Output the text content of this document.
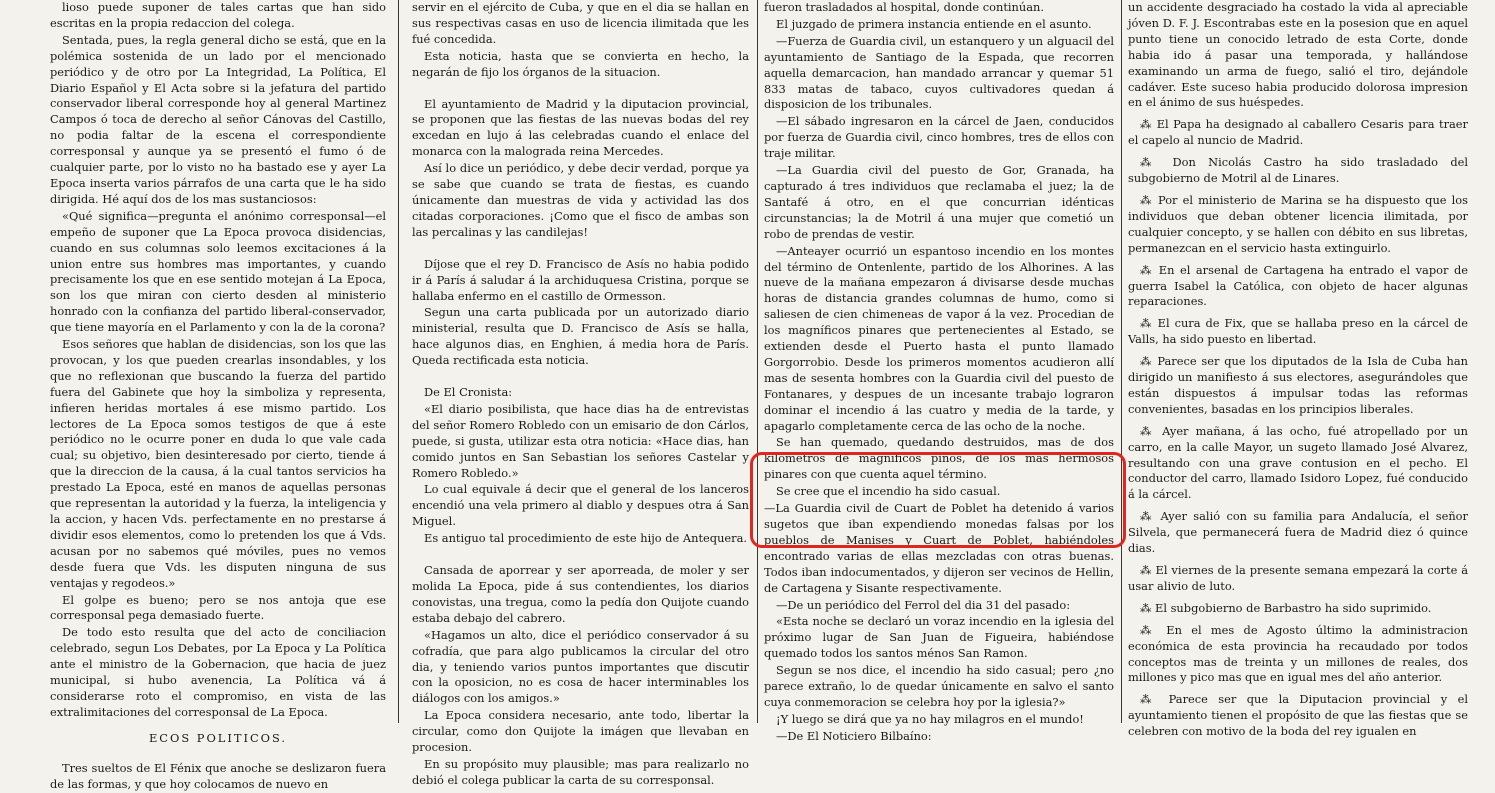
lioso puede suponer de tales cartas que han sido escritas en la propia redaccion del colega.

Sentada, pues, la regla general dicho se está, que en la polémica sostenida de un lado por el mencionado periódico y de otro por La Integridad, La Política, El Diario Español y El Acta sobre si la jefatura del partido conservador liberal corresponde hoy al general Martinez Campos ó toca de derecho al señor Cánovas del Castillo, no podia faltar de la escena el correspondiente corresponsal y aunque ya se presentó el fumo ó de cualquier parte, por lo visto no ha bastado ese y ayer La Epoca inserta varios párrafos de una carta que le ha sido dirigida. Hé aquí dos de los mas sustanciosos:

«Qué significa—pregunta el anónimo corresponsal—el empeño de suponer que La Epoca provoca disidencias, cuando en sus columnas solo leemos excitaciones á la union entre sus hombres mas importantes, y cuando precisamente los que en ese sentido motejan á La Epoca, son los que miran con cierto desden al ministerio honrado con la confianza del partido liberal-conservador, que tiene mayoría en el Parlamento y con la de la corona?

Esos señores que hablan de disidencias, son los que las provocan, y los que pueden crearlas insondables, y los que no reflexionan que buscando la fuerza del partido fuera del Gabinete que hoy la simboliza y representa, infieren heridas mortales á ese mismo partido. Los lectores de La Epoca somos testigos de que á este periódico no le ocurre poner en duda lo que vale cada cual; su objetivo, bien desinteresado por cierto, tiende á que la direccion de la causa, á la cual tantos servicios ha prestado La Epoca, esté en manos de aquellas personas que representan la autoridad y la fuerza, la inteligencia y la accion, y hacen Vds. perfectamente en no prestarse á dividir esos elementos, como lo pretenden los que á Vds. acusan por no sabemos qué móviles, pues no vemos desde fuera que Vds. les disputen ninguna de sus ventajas y regodeos.»

El golpe es bueno; pero se nos antoja que ese corresponsal pega demasiado fuerte.

De todo esto resulta que del acto de conciliacion celebrado, segun Los Debates, por La Epoca y La Política ante el ministro de la Gobernacion, que hacia de juez municipal, si hubo avenencia, La Política vá á considerarse roto el compromiso, en vista de las extralimitaciones del corresponsal de La Epoca.

ECOS POLITICOS.

Tres sueltos de El Fénix que anoche se deslizaron fuera de las formas, y que hoy colocamos de nuevo en

servir en el ejército de Cuba, y que en el dia se hallan en sus respectivas casas en uso de licencia ilimitada que les fué concedida.

Esta noticia, hasta que se convierta en hecho, la negarán de fijo los órganos de la situacion.

El ayuntamiento de Madrid y la diputacion provincial, se proponen que las fiestas de las nuevas bodas del rey excedan en lujo á las celebradas cuando el enlace del monarca con la malograda reina Mercedes.

Así lo dice un periódico, y debe decir verdad, porque ya se sabe que cuando se trata de fiestas, es cuando únicamente dan muestras de vida y actividad las dos citadas corporaciones. ¡Como que el fisco de ambas son las percalinas y las candilejas!

Díjose que el rey D. Francisco de Asís no habia podido ir á París á saludar á la archiduquesa Cristina, porque se hallaba enfermo en el castillo de Ormesson.

Segun una carta publicada por un autorizado diario ministerial, resulta que D. Francisco de Asís se halla, hace algunos dias, en Enghien, á media hora de París. Queda rectificada esta noticia.

De El Cronista:

«El diario posibilista, que hace dias ha de entrevistas del señor Romero Robledo con un emisario de don Cárlos, puede, si gusta, utilizar esta otra noticia: «Hace dias, han comido juntos en San Sebastian los señores Castelar y Romero Robledo.»

Lo cual equivale á decir que el general de los lanceros encendió una vela primero al diablo y despues otra á San Miguel.

Es antiguo tal procedimiento de este hijo de Antequera.

Cansada de aporrear y ser aporreada, de moler y ser molida La Epoca, pide á sus contendientes, los diarios conovistas, una tregua, como la pedía don Quijote cuando estaba debajo del cabrero.

«Hagamos un alto, dice el periódico conservador á su cofradía, que para algo publicamos la circular del otro dia, y teniendo varios puntos importantes que discutir con la oposicion, no es cosa de hacer interminables los diálogos con los amigos.»

La Epoca considera necesario, ante todo, libertar la circular, como don Quijote la imágen que llevaban en procesion.

En su propósito muy plausible; mas para realizarlo no debió el colega publicar la carta de su corresponsal.

fueron trasladados al hospital, donde continúan.

El juzgado de primera instancia entiende en el asunto.

—Fuerza de Guardia civil, un estanquero y un alguacil del ayuntamiento de Santiago de la Espada, que recorren aquella demarcacion, han mandado arrancar y quemar 51 833 matas de tabaco, cuyos cultivadores quedan á disposicion de los tribunales.

—El sábado ingresaron en la cárcel de Jaen, conducidos por fuerza de Guardia civil, cinco hombres, tres de ellos con traje militar.

—La Guardia civil del puesto de Gor, Granada, ha capturado á tres individuos que reclamaba el juez; la de Santafé á otro, en el que concurrian idénticas circunstancias; la de Motril á una mujer que cometió un robo de prendas de vestir.

—Anteayer ocurrió un espantoso incendio en los montes del término de Ontenlente, partido de los Alhorines. A las nueve de la mañana empezaron á divisarse desde muchas horas de distancia grandes columnas de humo, como si saliesen de cien chimeneas de vapor á la vez. Procedian de los magníficos pinares que pertenecientes al Estado, se extienden desde el Puerto hasta el punto llamado Gorgorrobio. Desde los primeros momentos acudieron allí mas de sesenta hombres con la Guardia civil del puesto de Fontanares, y despues de un incesante trabajo lograron dominar el incendio á las cuatro y media de la tarde, y apagarlo completamente cerca de las ocho de la noche.

Se han quemado, quedando destruidos, mas de dos kilómetros de magníficos pinos, de los mas hermosos pinares con que cuenta aquel término.

Se cree que el incendio ha sido casual.

—La Guardia civil de Cuart de Poblet ha detenido á varios sugetos que iban expendiendo monedas falsas por los pueblos de Manises y Cuart de Poblet, habiéndoles encontrado varias de ellas mezcladas con otras buenas. Todos iban indocumentados, y dijeron ser vecinos de Hellin, de Cartagena y Sisante respectivamente.

—De un periódico del Ferrol del dia 31 del pasado:

«Esta noche se declaró un voraz incendio en la iglesia del próximo lugar de San Juan de Figueira, habiéndose quemado todos los santos ménos San Ramon.

Segun se nos dice, el incendio ha sido casual; pero ¿no parece extraño, lo de quedar únicamente en salvo el santo cuya conmemoracion se celebra hoy por la iglesia?»

¡Y luego se dirá que ya no hay milagros en el mundo!

—De El Noticiero Bilbaíno:

un accidente desgraciado ha costado la vida al apreciable jóven D. F. J. Escontrabas este en la posesion que en aquel punto tiene un conocido letrado de esta Corte, donde habia ido á pasar una temporada, y hallándose examinando un arma de fuego, salió el tiro, dejándole cadáver. Este suceso habia producido dolorosa impresion en el ánimo de sus huéspedes.

⁂ El Papa ha designado al caballero Cesaris para traer el capelo al nuncio de Madrid.

⁂ Don Nicolás Castro ha sido trasladado del subgobierno de Motril al de Linares.

⁂ Por el ministerio de Marina se ha dispuesto que los individuos que deban obtener licencia ilimitada, por cualquier concepto, y se hallen con débito en sus libretas, permanezcan en el servicio hasta extinguirlo.

⁂ En el arsenal de Cartagena ha entrado el vapor de guerra Isabel la Católica, con objeto de hacer algunas reparaciones.

⁂ El cura de Fix, que se hallaba preso en la cárcel de Valls, ha sido puesto en libertad.

⁂ Parece ser que los diputados de la Isla de Cuba han dirigido un manifiesto á sus electores, asegurándoles que están dispuestos á impulsar todas las reformas convenientes, basadas en los principios liberales.

⁂ Ayer mañana, á las ocho, fué atropellado por un carro, en la calle Mayor, un sugeto llamado José Alvarez, resultando con una grave contusion en el pecho. El conductor del carro, llamado Isidoro Lopez, fué conducido á la cárcel.

⁂ Ayer salió con su familia para Andalucía, el señor Silvela, que permanecerá fuera de Madrid diez ó quince dias.

⁂ El viernes de la presente semana empezará la corte á usar alivio de luto.

⁂ El subgobierno de Barbastro ha sido suprimido.

⁂ En el mes de Agosto último la administracion económica de esta provincia ha recaudado por todos conceptos mas de treinta y un millones de reales, dos millones y pico mas que en igual mes del año anterior.

⁂ Parece ser que la Diputacion provincial y el ayuntamiento tienen el propósito de que las fiestas que se celebren con motivo de la boda del rey igualen en
